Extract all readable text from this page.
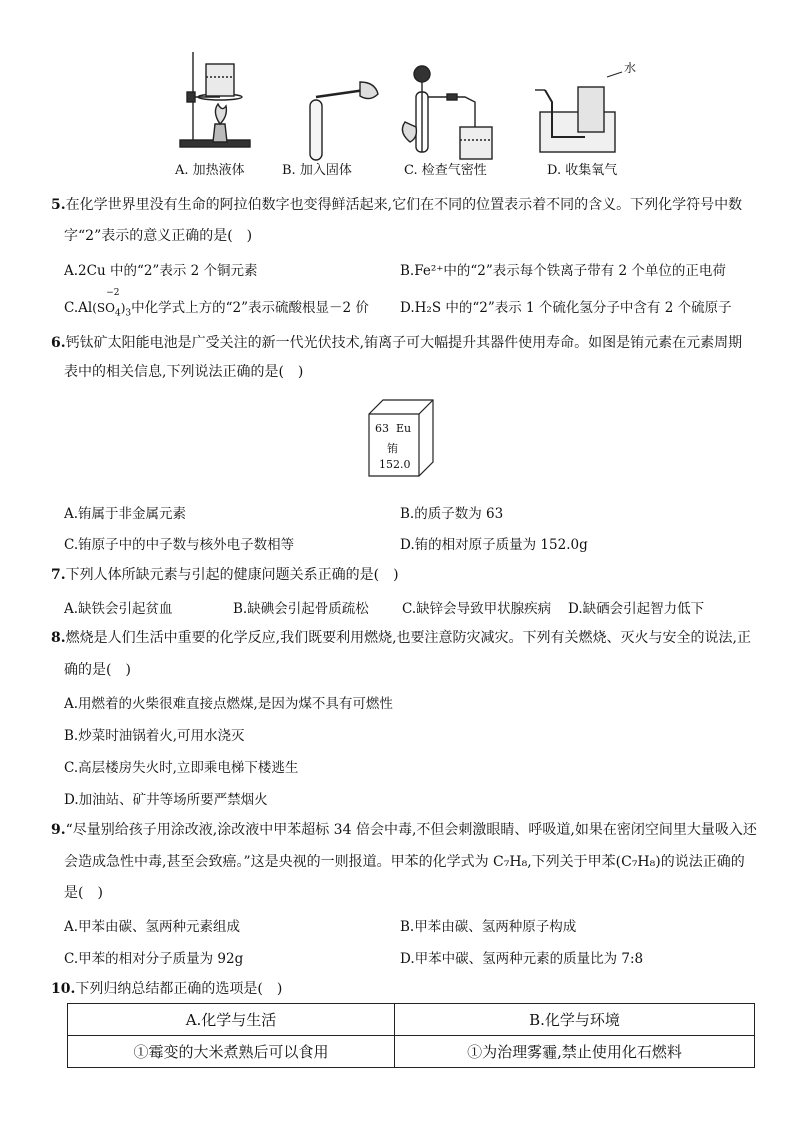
水
A. 加热液体	B. 加入固体	C. 检查气密性	D. 收集氧气
5.在化学世界里没有生命的阿拉伯数字也变得鲜活起来,它们在不同的位置表示着不同的含义。下列化学符号中数
字“2”表示的意义正确的是(　)
A.2Cu 中的“2”表示 2 个铜元素	B.Fe²⁺中的“2”表示每个铁离子带有 2 个单位的正电荷
C.Al
−2
$(SO_4)_3$中化学式上方的“2”表示硫酸根显－2 价 D.H₂S 中的“2”表示 1 个硫化氢分子中含有 2 个硫原子
6.钙钛矿太阳能电池是广受关注的新一代光伏技术,铕离子可大幅提升其器件使用寿命。如图是铕元素在元素周期
表中的相关信息,下列说法正确的是(　)
63 Eu
铕
152.0
A.铕属于非金属元素	B.的质子数为 63
C.铕原子中的中子数与核外电子数相等	D.铕的相对原子质量为 152.0g
7.下列人体所缺元素与引起的健康问题关系正确的是(　)
A.缺铁会引起贫血	B.缺碘会引起骨质疏松 C.缺锌会导致甲状腺疾病 D.缺硒会引起智力低下
8.燃烧是人们生活中重要的化学反应,我们既要利用燃烧,也要注意防灾减灾。下列有关燃烧、灭火与安全的说法,正
确的是(　)
A.用燃着的火柴很难直接点燃煤,是因为煤不具有可燃性
B.炒菜时油锅着火,可用水浇灭
C.高层楼房失火时,立即乘电梯下楼逃生
D.加油站、矿井等场所要严禁烟火
9.“尽量别给孩子用涂改液,涂改液中甲苯超标 34 倍会中毒,不但会刺激眼睛、呼吸道,如果在密闭空间里大量吸入还
会造成急性中毒,甚至会致癌。”这是央视的一则报道。甲苯的化学式为 C₇H₈,下列关于甲苯(C₇H₈)的说法正确的
是(　)
A.甲苯由碳、氢两种元素组成	B.甲苯由碳、氢两种原子构成
C.甲苯的相对分子质量为 92g	D.甲苯中碳、氢两种元素的质量比为 7:8
10.下列归纳总结都正确的选项是(　)
A.化学与生活	B.化学与环境
①霉变的大米煮熟后可以食用	①为治理雾霾,禁止使用化石燃料
